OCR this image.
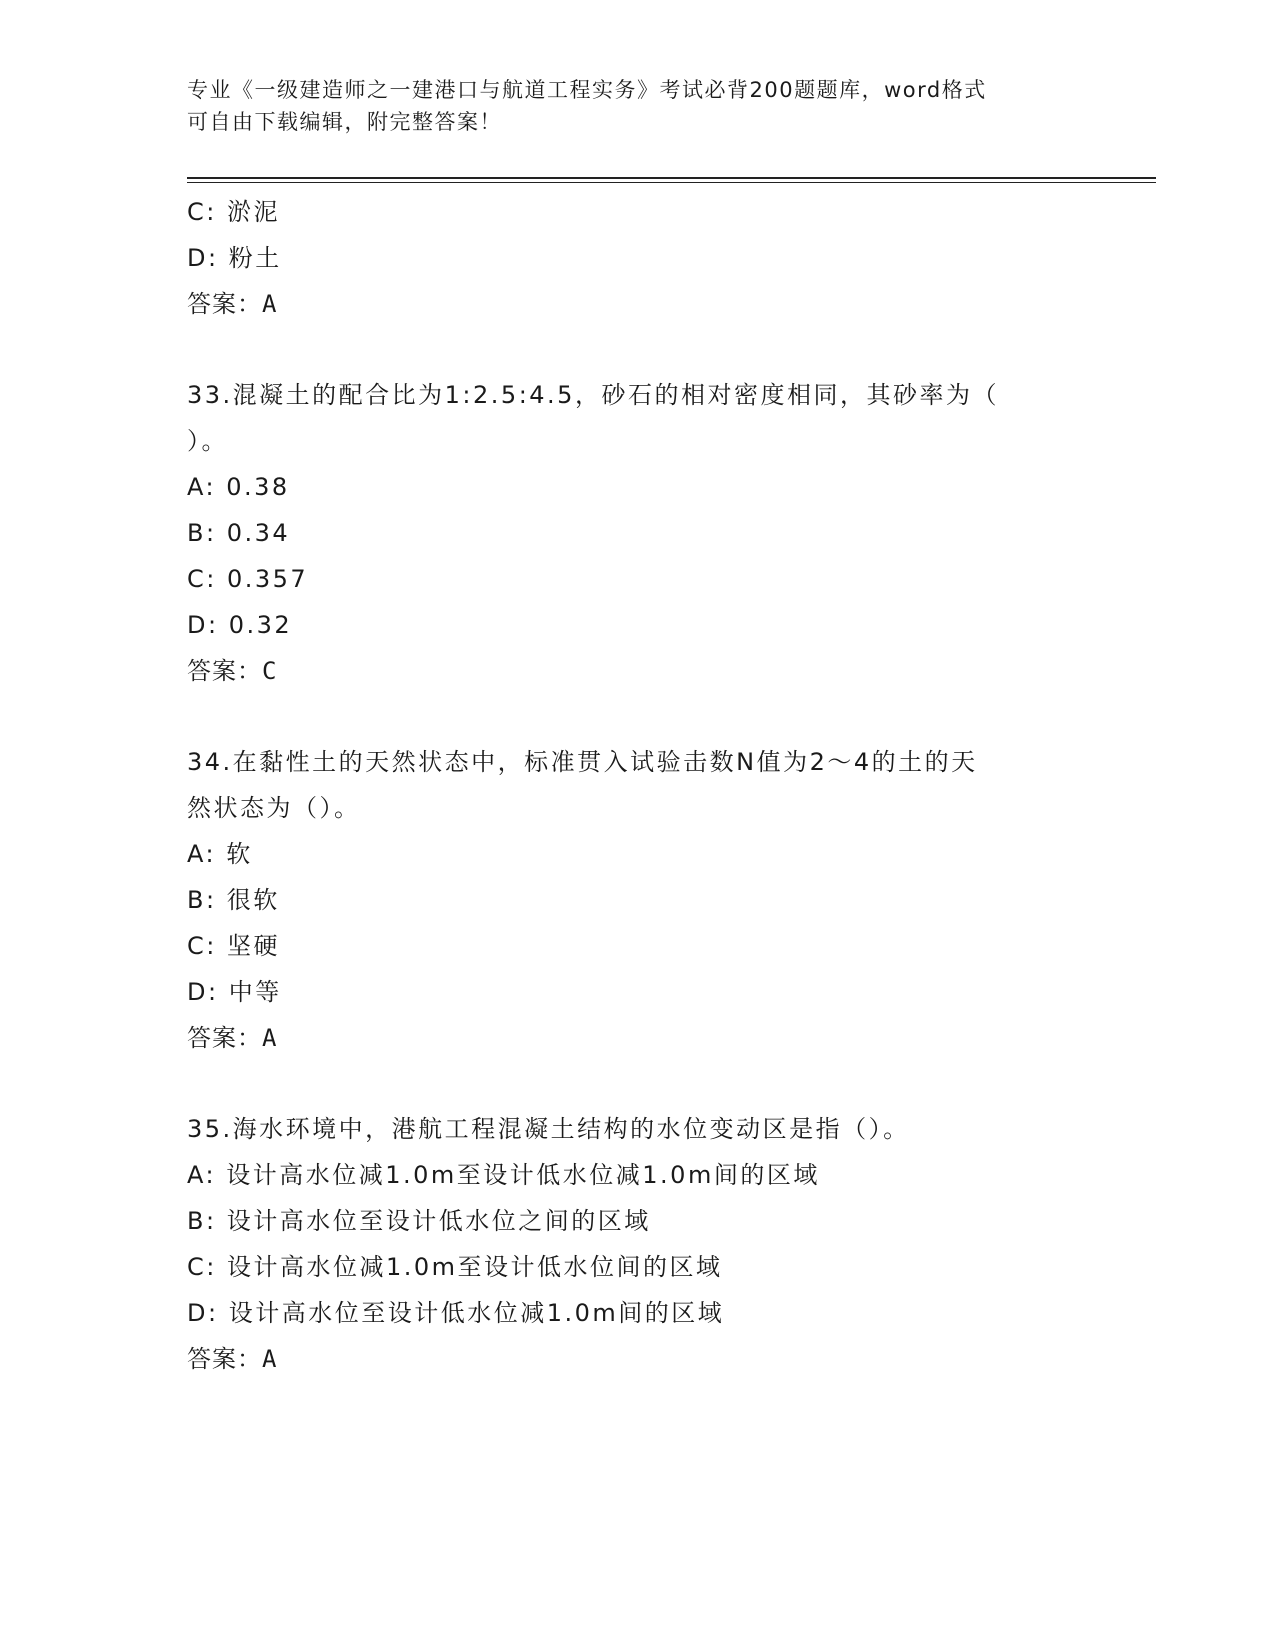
专业《一级建造师之一建港口与航道工程实务》考试必背200题题库，word格式
可自由下载编辑，附完整答案！
C: 淤泥
D: 粉土
答案：A
33.混凝土的配合比为1:2.5:4.5，砂石的相对密度相同，其砂率为（
）。
A: 0.38
B: 0.34
C: 0.357
D: 0.32
答案：C
34.在黏性土的天然状态中，标准贯入试验击数N值为2～4的土的天
然状态为（）。
A: 软
B: 很软
C: 坚硬
D: 中等
答案：A
35.海水环境中，港航工程混凝土结构的水位变动区是指（）。
A: 设计高水位减1.0m至设计低水位减1.0m间的区域
B: 设计高水位至设计低水位之间的区域
C: 设计高水位减1.0m至设计低水位间的区域
D: 设计高水位至设计低水位减1.0m间的区域
答案：A
